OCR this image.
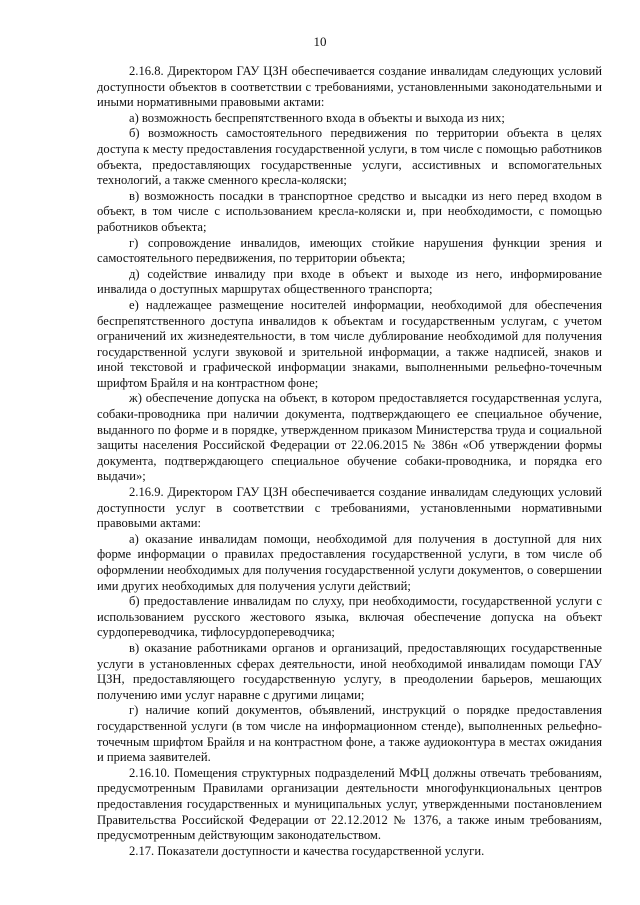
10

2.16.8. Директором ГАУ ЦЗН обеспечивается создание инвалидам следующих условий доступности объектов в соответствии с требованиями, установленными законодательными и иными нормативными правовыми актами:

а) возможность беспрепятственного входа в объекты и выхода из них;

б) возможность самостоятельного передвижения по территории объекта в целях доступа к месту предоставления государственной услуги, в том числе с помощью работников объекта, предоставляющих государственные услуги, ассистивных и вспомогательных технологий, а также сменного кресла-коляски;

в) возможность посадки в транспортное средство и высадки из него перед входом в объект, в том числе с использованием кресла-коляски и, при необходимости, с помощью работников объекта;

г) сопровождение инвалидов, имеющих стойкие нарушения функции зрения и самостоятельного передвижения, по территории объекта;

д) содействие инвалиду при входе в объект и выходе из него, информирование инвалида о доступных маршрутах общественного транспорта;

е) надлежащее размещение носителей информации, необходимой для обеспечения беспрепятственного доступа инвалидов к объектам и государственным услугам, с учетом ограничений их жизнедеятельности, в том числе дублирование необходимой для получения государственной услуги звуковой и зрительной информации, а также надписей, знаков и иной текстовой и графической информации знаками, выполненными рельефно-точечным шрифтом Брайля и на контрастном фоне;

ж) обеспечение допуска на объект, в котором предоставляется государственная услуга, собаки-проводника при наличии документа, подтверждающего ее специальное обучение, выданного по форме и в порядке, утвержденном приказом Министерства труда и социальной защиты населения Российской Федерации от 22.06.2015 № 386н «Об утверждении формы документа, подтверждающего специальное обучение собаки-проводника, и порядка его выдачи»;

2.16.9. Директором ГАУ ЦЗН обеспечивается создание инвалидам следующих условий доступности услуг в соответствии с требованиями, установленными нормативными правовыми актами:

а) оказание инвалидам помощи, необходимой для получения в доступной для них форме информации о правилах предоставления государственной услуги, в том числе об оформлении необходимых для получения государственной услуги документов, о совершении ими других необходимых для получения услуги действий;

б) предоставление инвалидам по слуху, при необходимости, государственной услуги с использованием русского жестового языка, включая обеспечение допуска на объект сурдопереводчика, тифлосурдопереводчика;

в) оказание работниками органов и организаций, предоставляющих государственные услуги в установленных сферах деятельности, иной необходимой инвалидам помощи ГАУ ЦЗН, предоставляющего государственную услугу, в преодолении барьеров, мешающих получению ими услуг наравне с другими лицами;

г) наличие копий документов, объявлений, инструкций о порядке предоставления государственной услуги (в том числе на информационном стенде), выполненных рельефно-точечным шрифтом Брайля и на контрастном фоне, а также аудиоконтура в местах ожидания и приема заявителей.

2.16.10. Помещения структурных подразделений МФЦ должны отвечать требованиям, предусмотренным Правилами организации деятельности многофункциональных центров предоставления государственных и муниципальных услуг, утвержденными постановлением Правительства Российской Федерации от 22.12.2012 № 1376, а также иным требованиям, предусмотренным действующим законодательством.

2.17. Показатели доступности и качества государственной услуги.
